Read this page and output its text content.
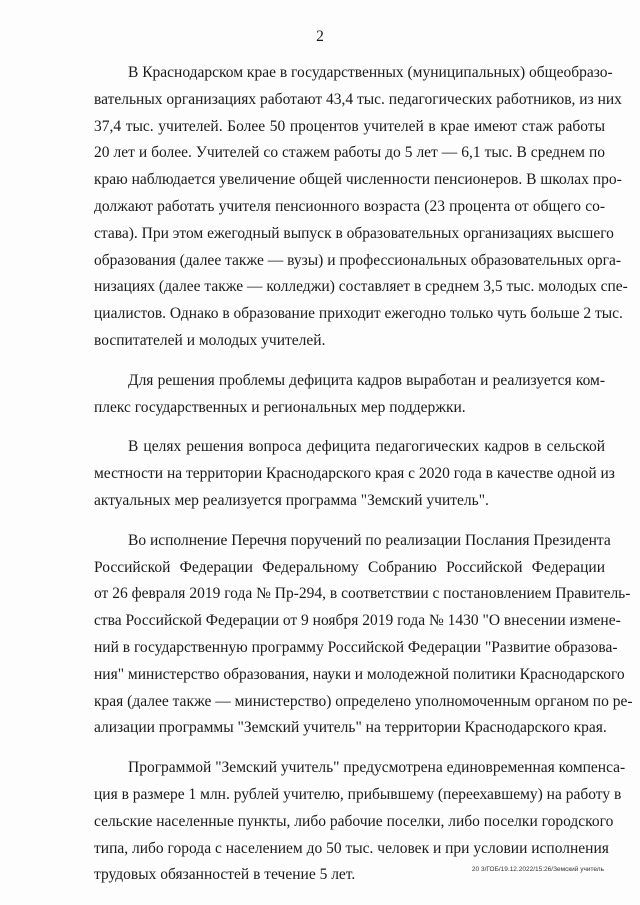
2

В Краснодарском крае в государственных (муниципальных) общеобразо-
вательных организациях работают 43,4 тыс. педагогических работников, из них
37,4 тыс. учителей. Более 50 процентов учителей в крае имеют стаж работы
20 лет и более. Учителей со стажем работы до 5 лет — 6,1 тыс. В среднем по
краю наблюдается увеличение общей численности пенсионеров. В школах про-
должают работать учителя пенсионного возраста (23 процента от общего со-
става). При этом ежегодный выпуск в образовательных организациях высшего
образования (далее также — вузы) и профессиональных образовательных орга-
низациях (далее также — колледжи) составляет в среднем 3,5 тыс. молодых спе-
циалистов. Однако в образование приходит ежегодно только чуть больше 2 тыс.
воспитателей и молодых учителей.

Для решения проблемы дефицита кадров выработан и реализуется ком-
плекс государственных и региональных мер поддержки.

В целях решения вопроса дефицита педагогических кадров в сельской
местности на территории Краснодарского края с 2020 года в качестве одной из
актуальных мер реализуется программа "Земский учитель".

Во исполнение Перечня поручений по реализации Послания Президента
Российской Федерации Федеральному Собранию Российской Федерации
от 26 февраля 2019 года № Пр-294, в соответствии с постановлением Правитель-
ства Российской Федерации от 9 ноября 2019 года № 1430 "О внесении измене-
ний в государственную программу Российской Федерации "Развитие образова-
ния" министерство образования, науки и молодежной политики Краснодарского
края (далее также — министерство) определено уполномоченным органом по ре-
ализации программы "Земский учитель" на территории Краснодарского края.

Программой "Земский учитель" предусмотрена единовременная компенса-
ция в размере 1 млн. рублей учителю, прибывшему (переехавшему) на работу в
сельские населенные пункты, либо рабочие поселки, либо поселки городского
типа, либо города с населением до 50 тыс. человек и при условии исполнения
трудовых обязанностей в течение 5 лет.	20 3/ГОБ/19.12.2022/15:26/Земский учитель
